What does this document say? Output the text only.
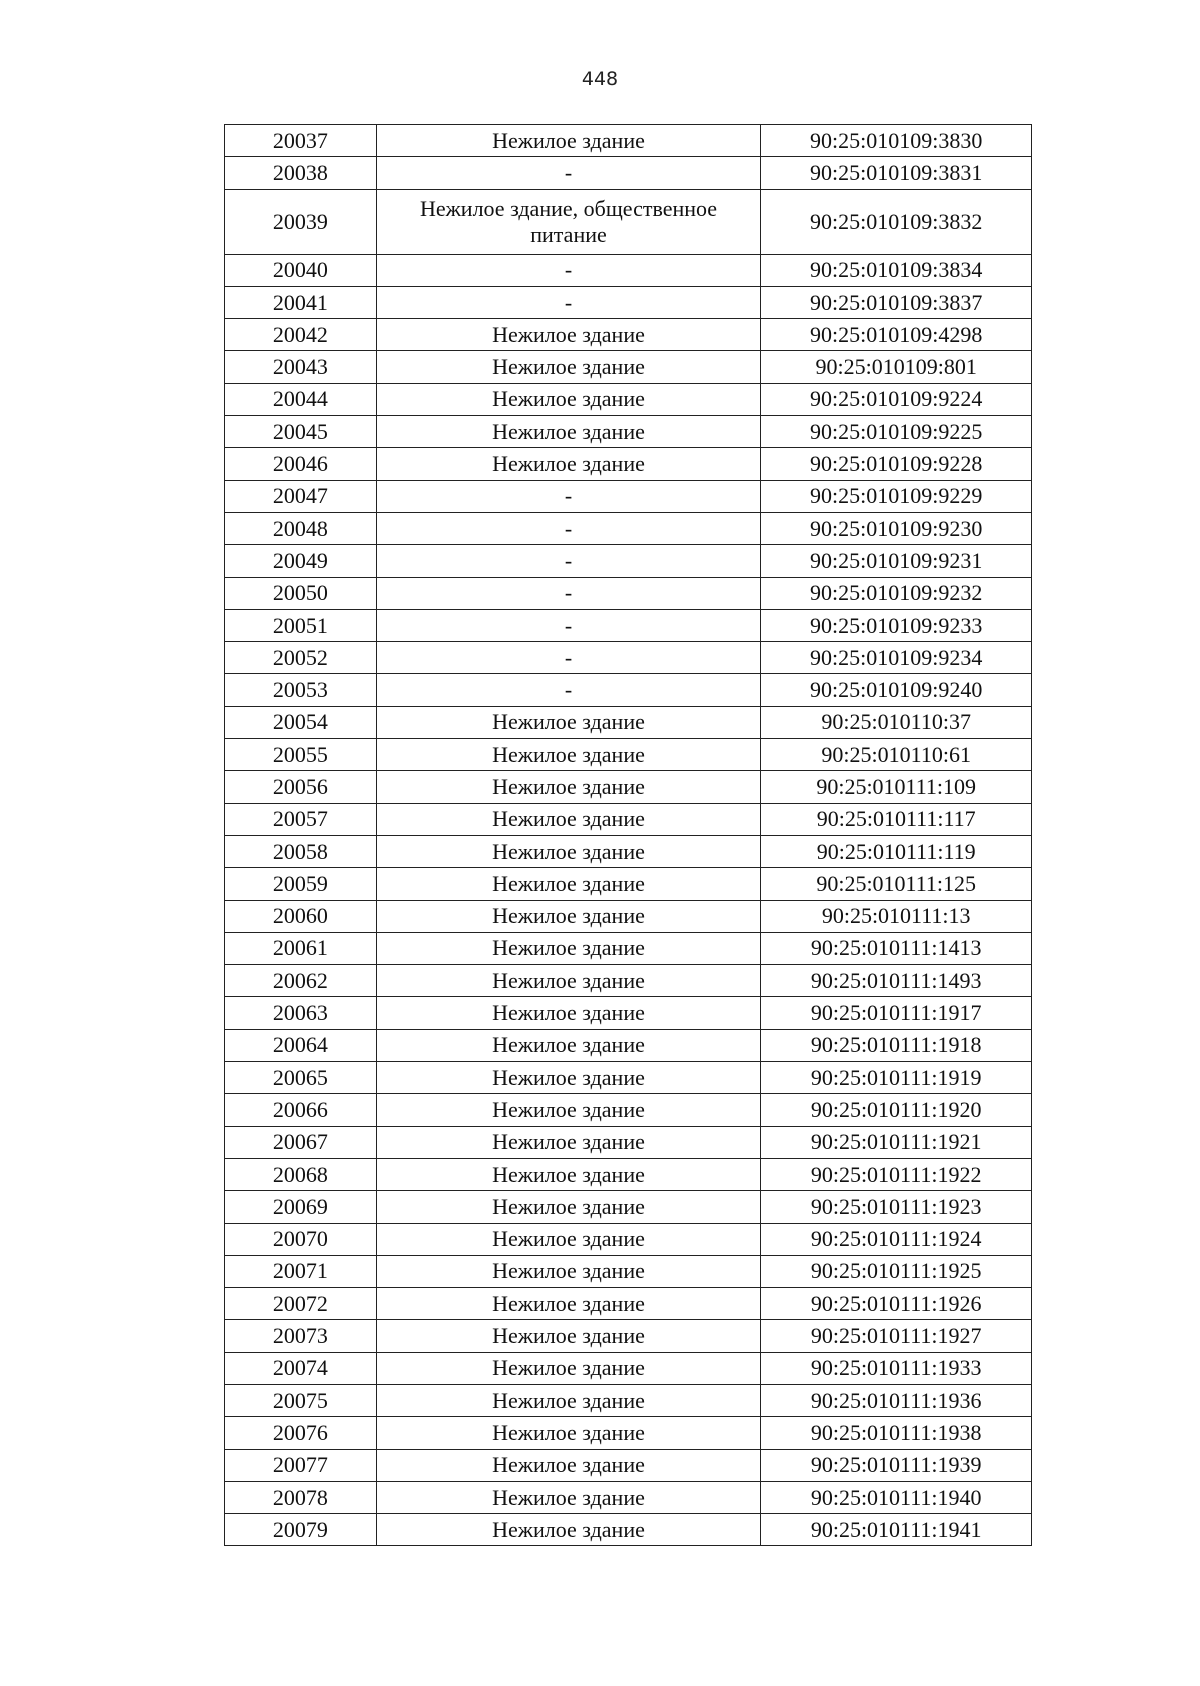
448
20037	Нежилое здание	90:25:010109:3830
20038	-	90:25:010109:3831
20039	Нежилое здание, общественное питание	90:25:010109:3832
20040	-	90:25:010109:3834
20041	-	90:25:010109:3837
20042	Нежилое здание	90:25:010109:4298
20043	Нежилое здание	90:25:010109:801
20044	Нежилое здание	90:25:010109:9224
20045	Нежилое здание	90:25:010109:9225
20046	Нежилое здание	90:25:010109:9228
20047	-	90:25:010109:9229
20048	-	90:25:010109:9230
20049	-	90:25:010109:9231
20050	-	90:25:010109:9232
20051	-	90:25:010109:9233
20052	-	90:25:010109:9234
20053	-	90:25:010109:9240
20054	Нежилое здание	90:25:010110:37
20055	Нежилое здание	90:25:010110:61
20056	Нежилое здание	90:25:010111:109
20057	Нежилое здание	90:25:010111:117
20058	Нежилое здание	90:25:010111:119
20059	Нежилое здание	90:25:010111:125
20060	Нежилое здание	90:25:010111:13
20061	Нежилое здание	90:25:010111:1413
20062	Нежилое здание	90:25:010111:1493
20063	Нежилое здание	90:25:010111:1917
20064	Нежилое здание	90:25:010111:1918
20065	Нежилое здание	90:25:010111:1919
20066	Нежилое здание	90:25:010111:1920
20067	Нежилое здание	90:25:010111:1921
20068	Нежилое здание	90:25:010111:1922
20069	Нежилое здание	90:25:010111:1923
20070	Нежилое здание	90:25:010111:1924
20071	Нежилое здание	90:25:010111:1925
20072	Нежилое здание	90:25:010111:1926
20073	Нежилое здание	90:25:010111:1927
20074	Нежилое здание	90:25:010111:1933
20075	Нежилое здание	90:25:010111:1936
20076	Нежилое здание	90:25:010111:1938
20077	Нежилое здание	90:25:010111:1939
20078	Нежилое здание	90:25:010111:1940
20079	Нежилое здание	90:25:010111:1941
